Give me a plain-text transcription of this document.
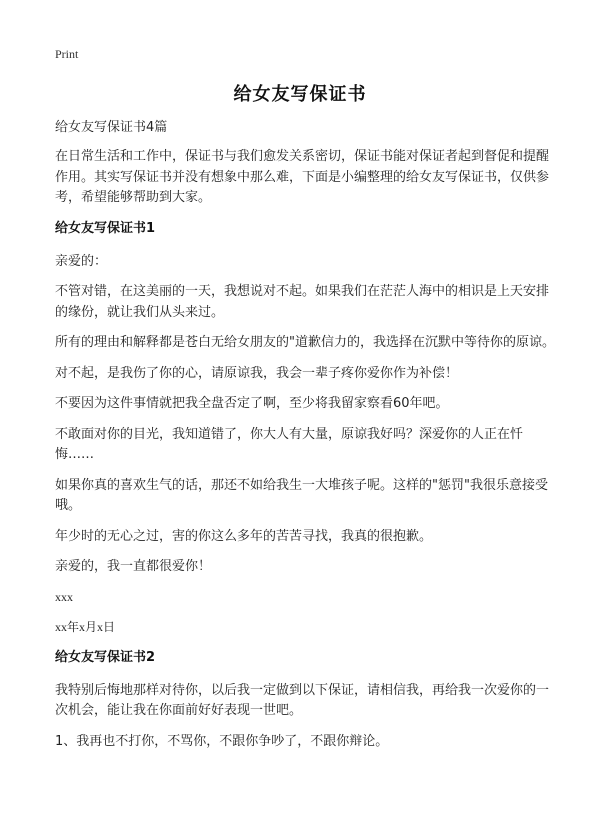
Print
给女友写保证书
给女友写保证书4篇
在日常生活和工作中，保证书与我们愈发关系密切，保证书能对保证者起到督促和提醒作用。其实写保证书并没有想象中那么难，下面是小编整理的给女友写保证书，仅供参考，希望能够帮助到大家。
给女友写保证书1
亲爱的：
不管对错，在这美丽的一天，我想说对不起。如果我们在茫茫人海中的相识是上天安排的缘份，就让我们从头来过。
所有的理由和解释都是苍白无给女朋友的"道歉信力的，我选择在沉默中等待你的原谅。
对不起，是我伤了你的心，请原谅我，我会一辈子疼你爱你作为补偿！
不要因为这件事情就把我全盘否定了啊，至少将我留家察看60年吧。
不敢面对你的目光，我知道错了，你大人有大量，原谅我好吗？深爱你的人正在忏悔……
如果你真的喜欢生气的话，那还不如给我生一大堆孩子呢。这样的"惩罚"我很乐意接受哦。
年少时的无心之过，害的你这么多年的苦苦寻找，我真的很抱歉。
亲爱的，我一直都很爱你！
xxx
xx年x月x日
给女友写保证书2
我特别后悔地那样对待你，以后我一定做到以下保证，请相信我，再给我一次爱你的一次机会，能让我在你面前好好表现一世吧。
1、我再也不打你，不骂你，不跟你争吵了，不跟你辩论。
